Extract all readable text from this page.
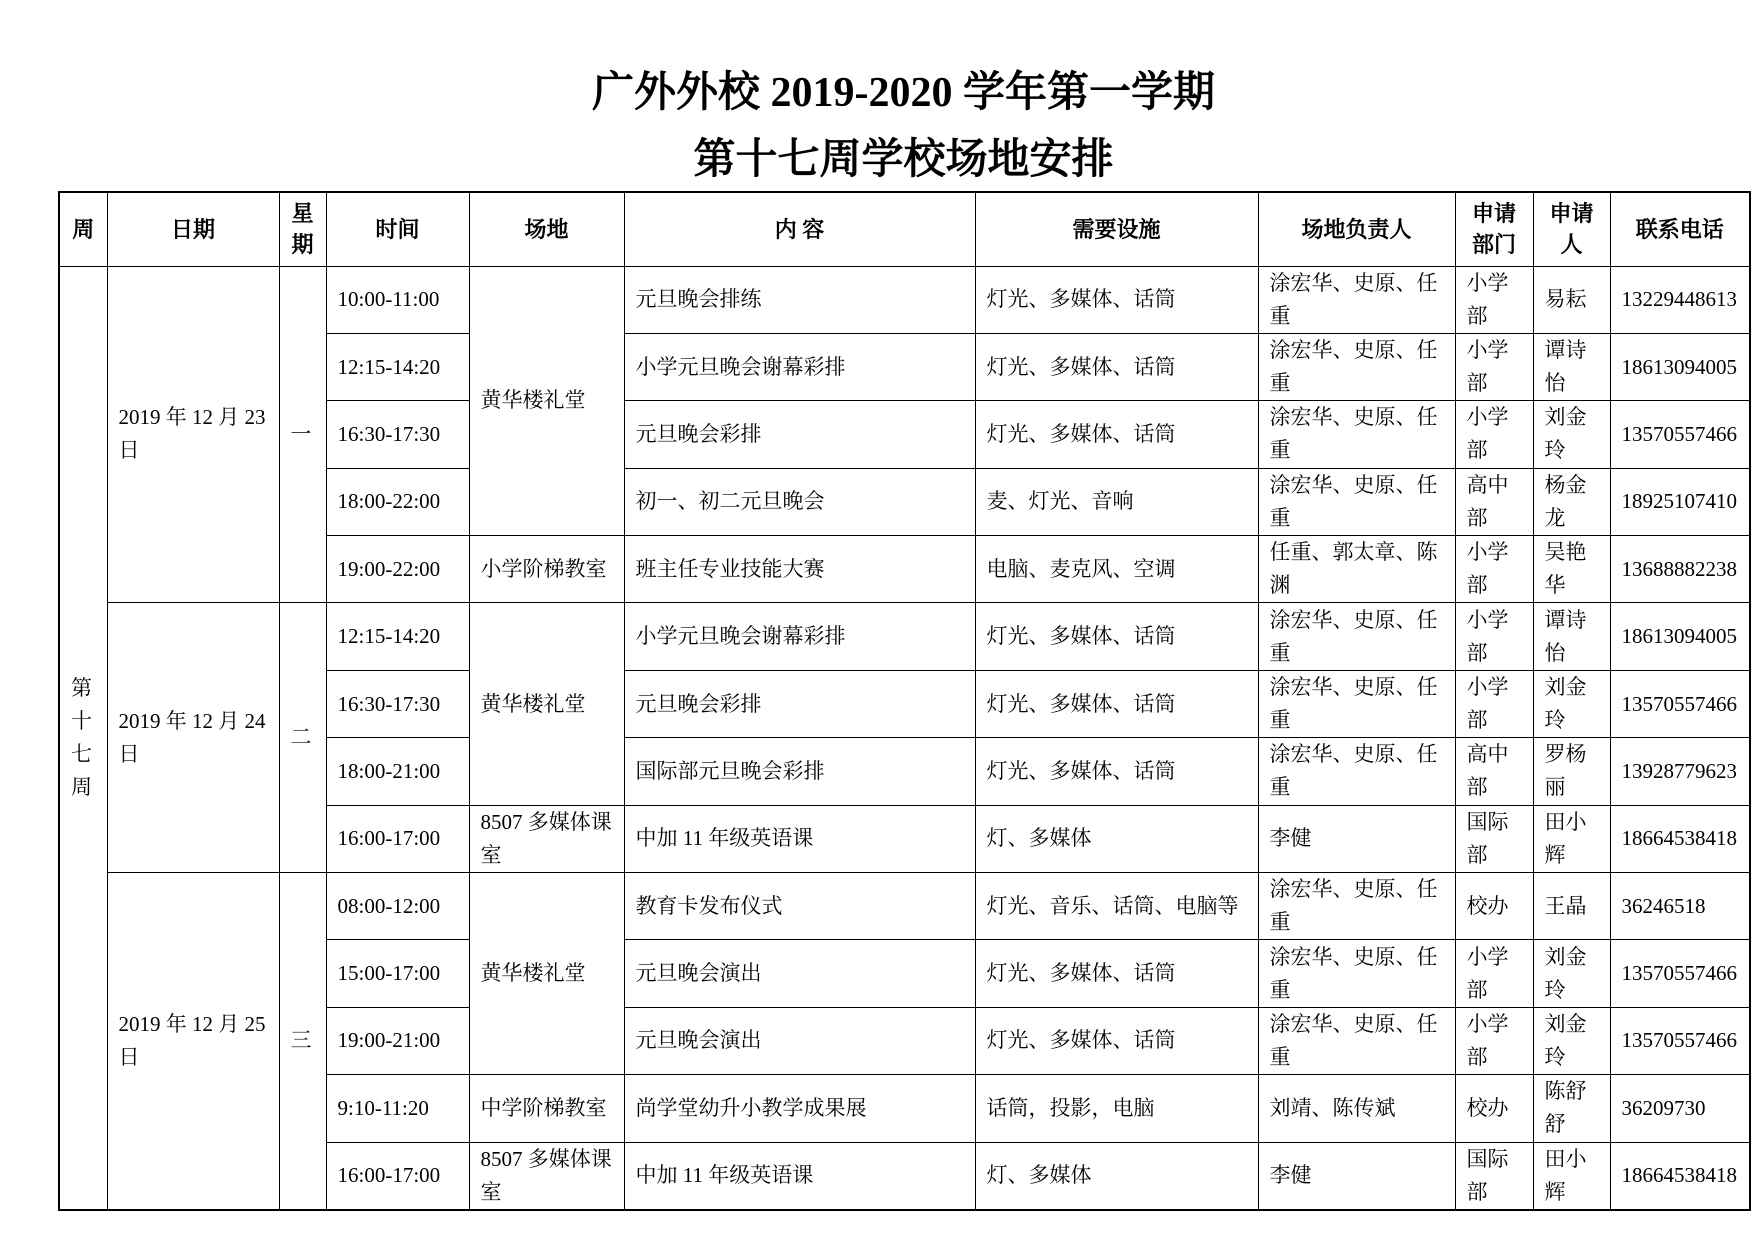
广外外校 2019-2020 学年第一学期
第十七周学校场地安排
周	日期	星期	时间	场地	内 容	需要设施	场地负责人	申请部门	申请人	联系电话
第十七周	2019 年 12 月 23 日	一	10:00-11:00	黄华楼礼堂	元旦晚会排练	灯光、多媒体、话筒	涂宏华、史原、任重	小学部	易耘	13229448613
			12:15-14:20		小学元旦晚会谢幕彩排	灯光、多媒体、话筒	涂宏华、史原、任重	小学部	谭诗怡	18613094005
			16:30-17:30		元旦晚会彩排	灯光、多媒体、话筒	涂宏华、史原、任重	小学部	刘金玲	13570557466
			18:00-22:00		初一、初二元旦晚会	麦、灯光、音响	涂宏华、史原、任重	高中部	杨金龙	18925107410
			19:00-22:00	小学阶梯教室	班主任专业技能大赛	电脑、麦克风、空调	任重、郭太章、陈渊	小学部	吴艳华	13688882238
	2019 年 12 月 24 日	二	12:15-14:20	黄华楼礼堂	小学元旦晚会谢幕彩排	灯光、多媒体、话筒	涂宏华、史原、任重	小学部	谭诗怡	18613094005
			16:30-17:30		元旦晚会彩排	灯光、多媒体、话筒	涂宏华、史原、任重	小学部	刘金玲	13570557466
			18:00-21:00		国际部元旦晚会彩排	灯光、多媒体、话筒	涂宏华、史原、任重	高中部	罗杨丽	13928779623
			16:00-17:00	8507 多媒体课室	中加 11 年级英语课	灯、多媒体	李健	国际部	田小辉	18664538418
	2019 年 12 月 25 日	三	08:00-12:00	黄华楼礼堂	教育卡发布仪式	灯光、音乐、话筒、电脑等	涂宏华、史原、任重	校办	王晶	36246518
			15:00-17:00		元旦晚会演出	灯光、多媒体、话筒	涂宏华、史原、任重	小学部	刘金玲	13570557466
			19:00-21:00		元旦晚会演出	灯光、多媒体、话筒	涂宏华、史原、任重	小学部	刘金玲	13570557466
			9:10-11:20	中学阶梯教室	尚学堂幼升小教学成果展	话筒，投影，电脑	刘靖、陈传斌	校办	陈舒舒	36209730
			16:00-17:00	8507 多媒体课室	中加 11 年级英语课	灯、多媒体	李健	国际部	田小辉	18664538418
